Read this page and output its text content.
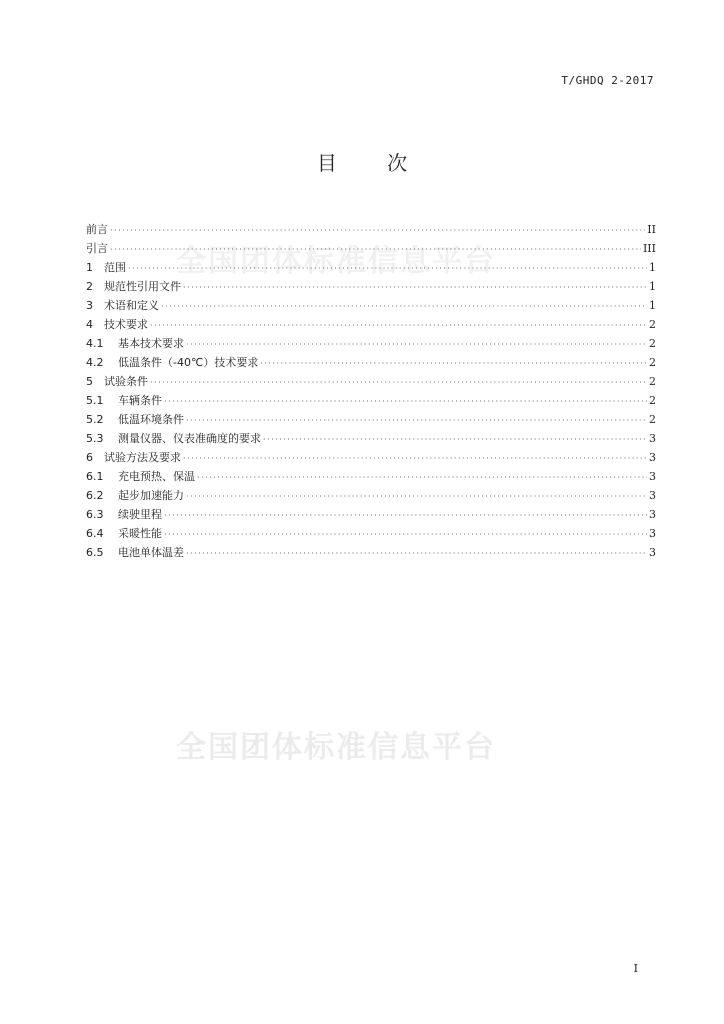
T/GHDQ 2-2017
目 次
全国团体标准信息平台
全国团体标准信息平台
前言 ·····	II
引言 ·····	III
1	范围 ·····	1
2	规范性引用文件 ·····	1
3	术语和定义 ·····	1
4	技术要求 ·····	2
4.1	基本技术要求 ·····	2
4.2	低温条件（-40℃）技术要求 ·····	2
5	试验条件 ·····	2
5.1	车辆条件 ·····	2
5.2	低温环境条件 ·····	2
5.3	测量仪器、仪表准确度的要求 ·····	3
6	试验方法及要求 ·····	3
6.1	充电预热、保温 ·····	3
6.2	起步加速能力 ·····	3
6.3	续驶里程 ·····	3
6.4	采暖性能 ·····	3
6.5	电池单体温差 ·····	3
I
